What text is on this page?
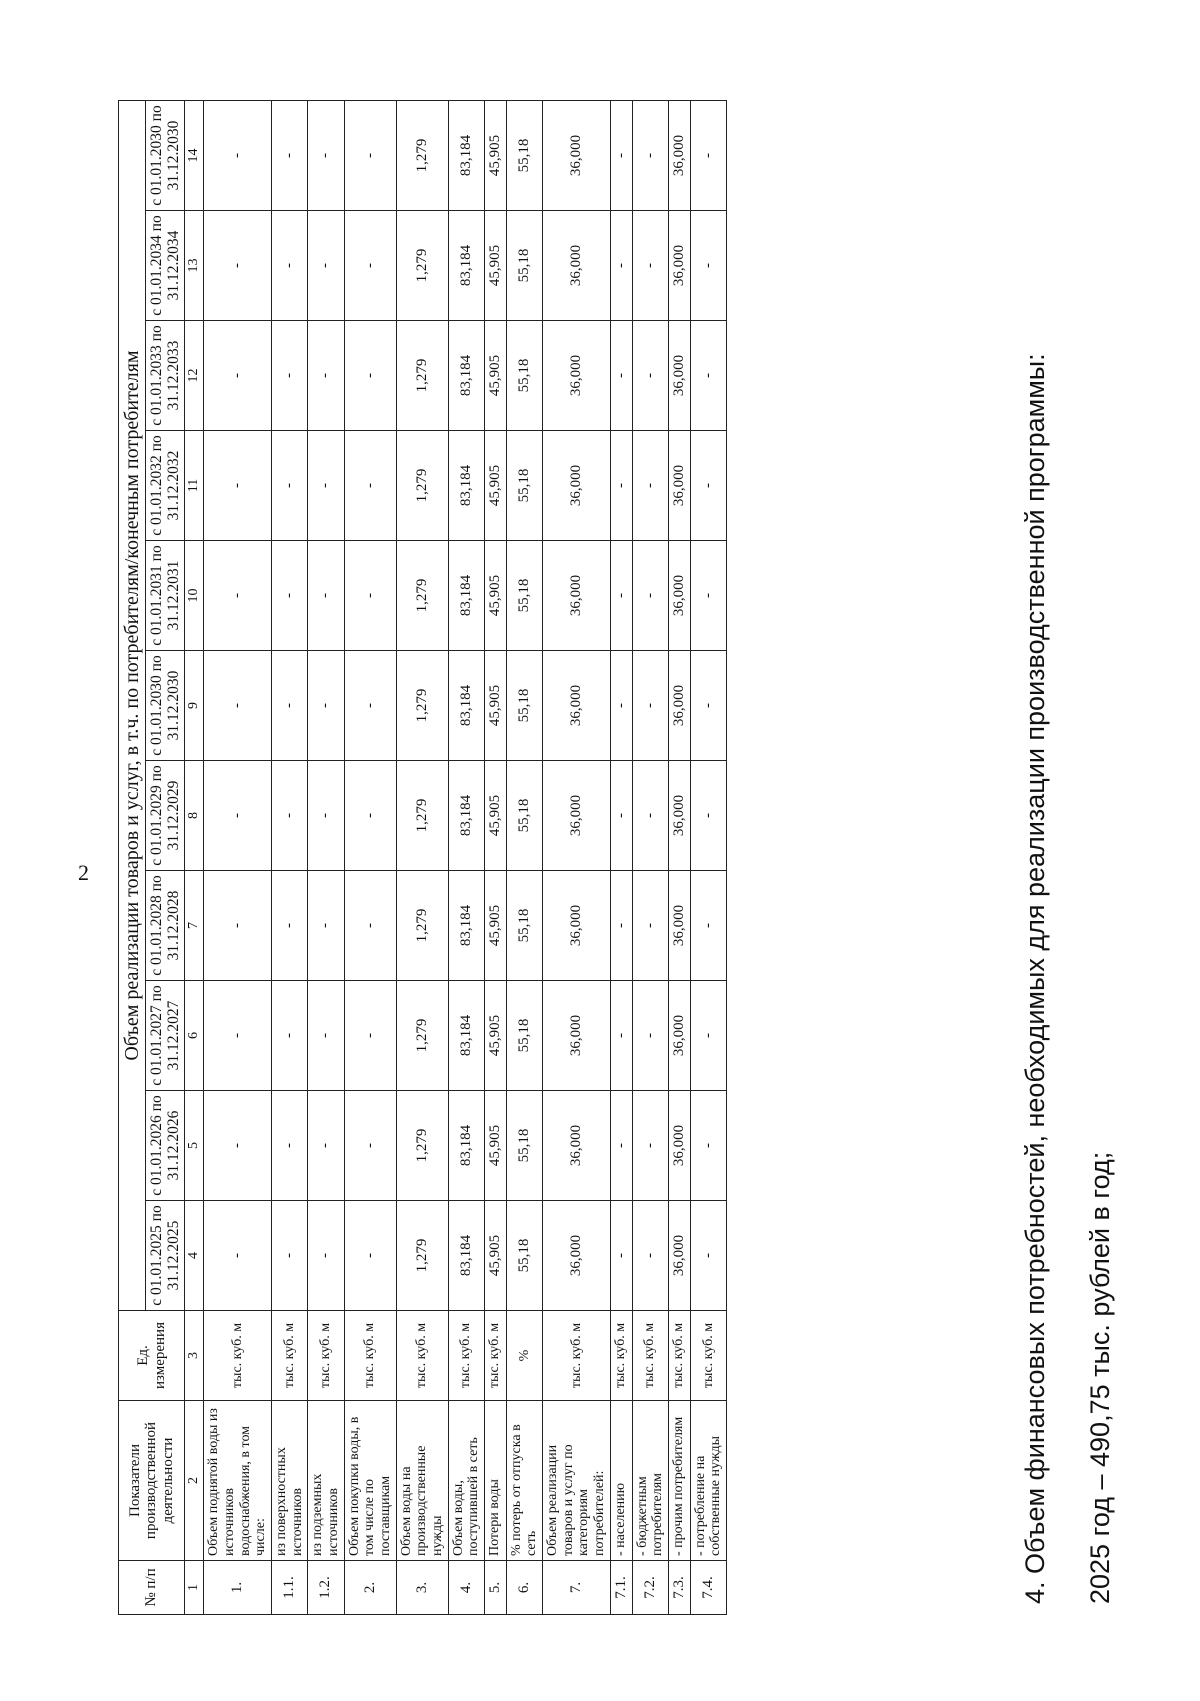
2
№ п/п	Показатели производственной деятельности	Ед. измерения	Объем реализации товаров и услуг, в т.ч. по потребителям/конечным потребителям										
			с 01.01.2025 по 31.12.2025	с 01.01.2026 по 31.12.2026	с 01.01.2027 по 31.12.2027	с 01.01.2028 по 31.12.2028	с 01.01.2029 по 31.12.2029	с 01.01.2030 по 31.12.2030	с 01.01.2031 по 31.12.2031	с 01.01.2032 по 31.12.2032	с 01.01.2033 по 31.12.2033	с 01.01.2034 по 31.12.2034	с 01.01.2030 по 31.12.2030
1	2	3	4	5	6	7	8	9	10	11	12	13	14
1.	Объем поднятой воды из источников водоснабжения, в том числе:	тыс. куб. м	-	-	-	-	-	-	-	-	-	-	-
1.1.	из поверхностных источников	тыс. куб. м	-	-	-	-	-	-	-	-	-	-	-
1.2.	из подземных источников	тыс. куб. м	-	-	-	-	-	-	-	-	-	-	-
2.	Объем покупки воды, в том числе по поставщикам	тыс. куб. м	-	-	-	-	-	-	-	-	-	-	-
3.	Объем воды на производственные нужды	тыс. куб. м	1,279	1,279	1,279	1,279	1,279	1,279	1,279	1,279	1,279	1,279	1,279
4.	Объем воды, поступившей в сеть	тыс. куб. м	83,184	83,184	83,184	83,184	83,184	83,184	83,184	83,184	83,184	83,184	83,184
5.	Потери воды	тыс. куб. м	45,905	45,905	45,905	45,905	45,905	45,905	45,905	45,905	45,905	45,905	45,905
6.	% потерь от отпуска в сеть	%	55,18	55,18	55,18	55,18	55,18	55,18	55,18	55,18	55,18	55,18	55,18
7.	Объем реализации товаров и услуг по категориям потребителей:	тыс. куб. м	36,000	36,000	36,000	36,000	36,000	36,000	36,000	36,000	36,000	36,000	36,000
7.1.	- населению	тыс. куб. м	-	-	-	-	-	-	-	-	-	-	-
7.2.	- бюджетным потребителям	тыс. куб. м	-	-	-	-	-	-	-	-	-	-	-
7.3.	- прочим потребителям	тыс. куб. м	36,000	36,000	36,000	36,000	36,000	36,000	36,000	36,000	36,000	36,000	36,000
7.4.	- потребление на собственные нужды	тыс. куб. м	-	-	-	-	-	-	-	-	-	-	-
4. Объем финансовых потребностей, необходимых для реализации производственной программы: 2025 год – 490,75 тыс. рублей в год;
